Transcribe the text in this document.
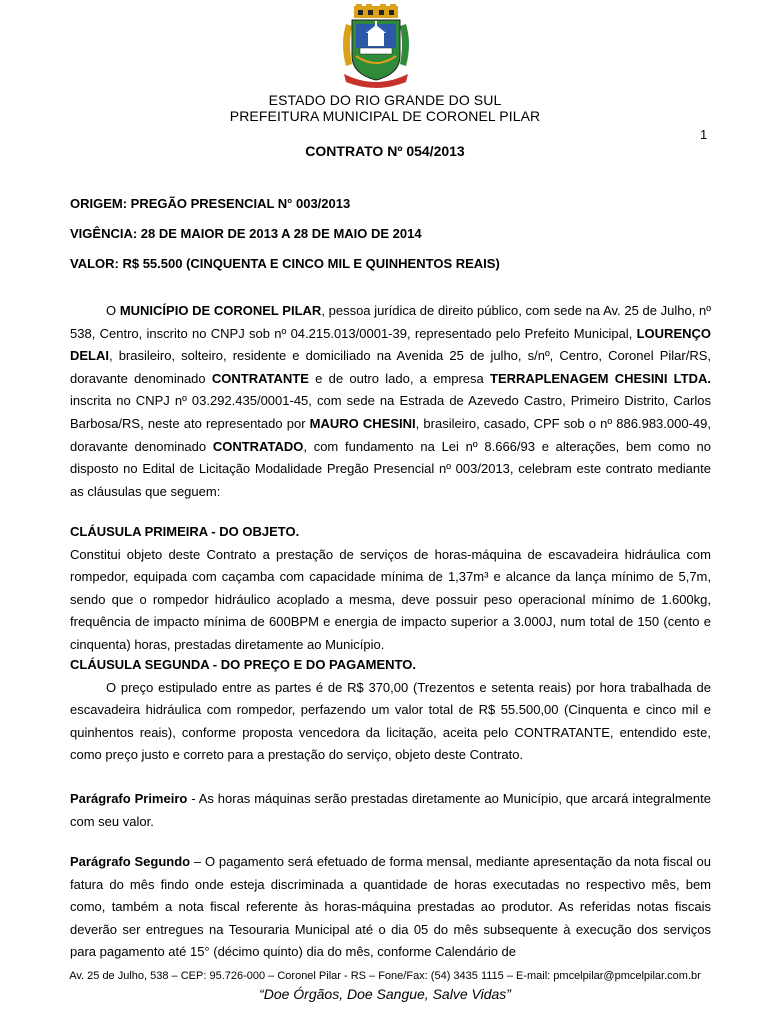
ESTADO DO RIO GRANDE DO SUL
PREFEITURA MUNICIPAL DE CORONEL PILAR
1
CONTRATO Nº 054/2013
ORIGEM: PREGÃO PRESENCIAL N° 003/2013
VIGÊNCIA: 28 DE MAIOR DE 2013 A 28 DE MAIO DE 2014
VALOR: R$ 55.500 (CINQUENTA E CINCO MIL E QUINHENTOS REAIS)

O MUNICÍPIO DE CORONEL PILAR, pessoa jurídica de direito público, com sede na Av. 25 de Julho, nº 538, Centro, inscrito no CNPJ sob nº 04.215.013/0001-39, representado pelo Prefeito Municipal, LOURENÇO DELAI, brasileiro, solteiro, residente e domiciliado na Avenida 25 de julho, s/nº, Centro, Coronel Pilar/RS, doravante denominado CONTRATANTE e de outro lado, a empresa TERRAPLENAGEM CHESINI LTDA. inscrita no CNPJ nº 03.292.435/0001-45, com sede na Estrada de Azevedo Castro, Primeiro Distrito, Carlos Barbosa/RS, neste ato representado por MAURO CHESINI, brasileiro, casado, CPF sob o nº 886.983.000-49, doravante denominado CONTRATADO, com fundamento na Lei nº 8.666/93 e alterações, bem como no disposto no Edital de Licitação Modalidade Pregão Presencial nº 003/2013, celebram este contrato mediante as cláusulas que seguem:

CLÁUSULA PRIMEIRA - DO OBJETO.

Constitui objeto deste Contrato a prestação de serviços de horas-máquina de escavadeira hidráulica com rompedor, equipada com caçamba com capacidade mínima de 1,37m³ e alcance da lança mínimo de 5,7m, sendo que o rompedor hidráulico acoplado a mesma, deve possuir peso operacional mínimo de 1.600kg, frequência de impacto mínima de 600BPM e energia de impacto superior a 3.000J, num total de 150 (cento e cinquenta) horas, prestadas diretamente ao Município.

CLÁUSULA SEGUNDA - DO PREÇO E DO PAGAMENTO.

O preço estipulado entre as partes é de R$ 370,00 (Trezentos e setenta reais) por hora trabalhada de escavadeira hidráulica com rompedor, perfazendo um valor total de R$ 55.500,00 (Cinquenta e cinco mil e quinhentos reais), conforme proposta vencedora da licitação, aceita pelo CONTRATANTE, entendido este, como preço justo e correto para a prestação do serviço, objeto deste Contrato.

Parágrafo Primeiro - As horas máquinas serão prestadas diretamente ao Município, que arcará integralmente com seu valor.

Parágrafo Segundo – O pagamento será efetuado de forma mensal, mediante apresentação da nota fiscal ou fatura do mês findo onde esteja discriminada a quantidade de horas executadas no respectivo mês, bem como, também a nota fiscal referente às horas-máquina prestadas ao produtor. As referidas notas fiscais deverão ser entregues na Tesouraria Municipal até o dia 05 do mês subsequente à execução dos serviços para pagamento até 15° (décimo quinto) dia do mês, conforme Calendário de

Av. 25 de Julho, 538 – CEP: 95.726-000 – Coronel Pilar - RS – Fone/Fax: (54) 3435 1115 – E-mail: pmcelpilar@pmcelpilar.com.br
“Doe Órgãos, Doe Sangue, Salve Vidas”
